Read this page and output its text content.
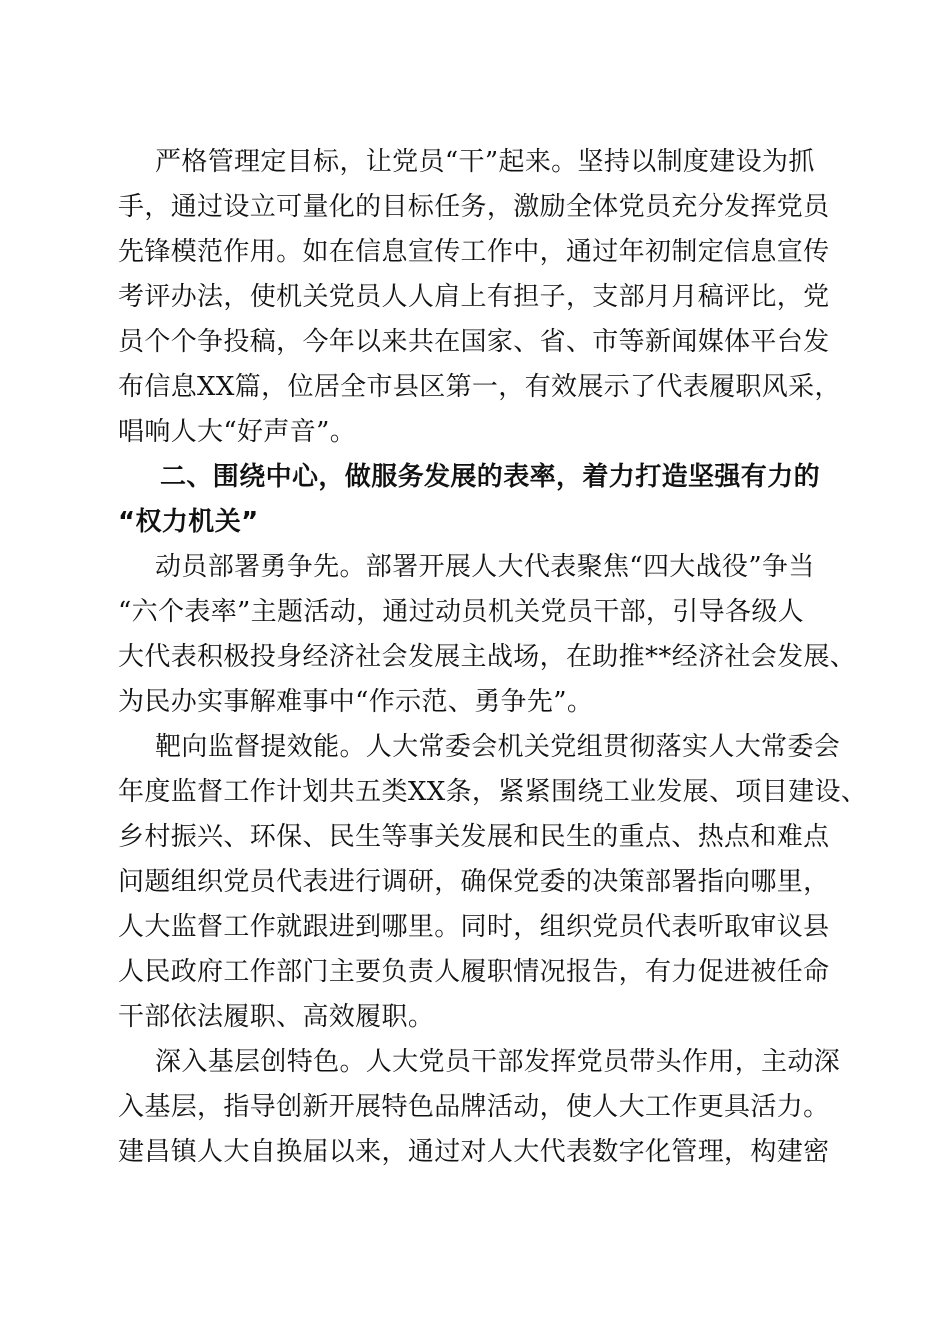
严格管理定目标，让党员“干”起来。坚持以制度建设为抓

手，通过设立可量化的目标任务，激励全体党员充分发挥党员

先锋模范作用。如在信息宣传工作中，通过年初制定信息宣传

考评办法，使机关党员人人肩上有担子，支部月月稿评比，党

员个个争投稿，今年以来共在国家、省、市等新闻媒体平台发

布信息XX篇，位居全市县区第一，有效展示了代表履职风采，

唱响人大“好声音”。

二、围绕中心，做服务发展的表率，着力打造坚强有力的

“权力机关”

动员部署勇争先。部署开展人大代表聚焦“四大战役”争当

“六个表率”主题活动，通过动员机关党员干部，引导各级人

大代表积极投身经济社会发展主战场，在助推**经济社会发展、

为民办实事解难事中“作示范、勇争先”。

靶向监督提效能。人大常委会机关党组贯彻落实人大常委会

年度监督工作计划共五类XX条，紧紧围绕工业发展、项目建设、

乡村振兴、环保、民生等事关发展和民生的重点、热点和难点

问题组织党员代表进行调研，确保党委的决策部署指向哪里，

人大监督工作就跟进到哪里。同时，组织党员代表听取审议县

人民政府工作部门主要负责人履职情况报告，有力促进被任命

干部依法履职、高效履职。

深入基层创特色。人大党员干部发挥党员带头作用，主动深

入基层，指导创新开展特色品牌活动，使人大工作更具活力。

建昌镇人大自换届以来，通过对人大代表数字化管理，构建密
